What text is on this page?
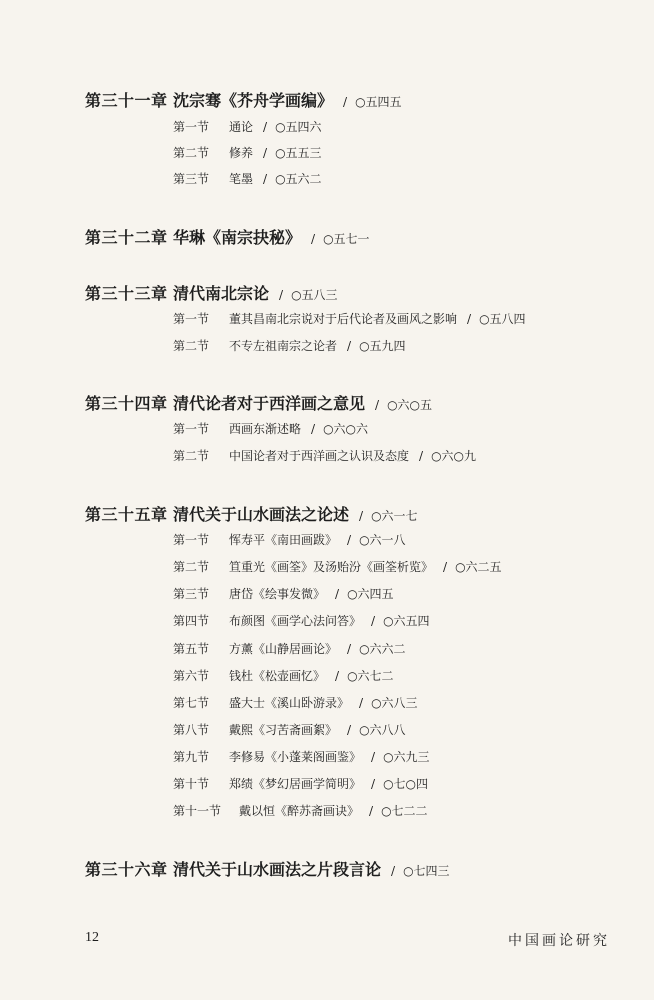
第三十一章 沈宗骞《芥舟学画编》 / ○五四五
第一节 通论 / ○五四六
第二节 修养 / ○五五三
第三节 笔墨 / ○五六二
第三十二章 华琳《南宗抉秘》 / ○五七一
第三十三章 清代南北宗论 / ○五八三
第一节 董其昌南北宗说对于后代论者及画风之影响 / ○五八四
第二节 不专左祖南宗之论者 / ○五九四
第三十四章 清代论者对于西洋画之意见 / ○六○五
第一节 西画东渐述略 / ○六○六
第二节 中国论者对于西洋画之认识及态度 / ○六○九
第三十五章 清代关于山水画法之论述 / ○六一七
第一节 恽寿平《南田画跋》 / ○六一八
第二节 笪重光《画筌》及汤贻汾《画筌析览》 / ○六二五
第三节 唐岱《绘事发微》 / ○六四五
第四节 布颜图《画学心法问答》 / ○六五四
第五节 方薰《山静居画论》 / ○六六二
第六节 钱杜《松壶画忆》 / ○六七二
第七节 盛大士《溪山卧游录》 / ○六八三
第八节 戴熙《习苦斋画絮》 / ○六八八
第九节 李修易《小蓬莱阁画鉴》 / ○六九三
第十节 郑绩《梦幻居画学简明》 / ○七○四
第十一节 戴以恒《醉苏斋画诀》 / ○七二二
第三十六章 清代关于山水画法之片段言论 / ○七四三
12	中国画论研究
